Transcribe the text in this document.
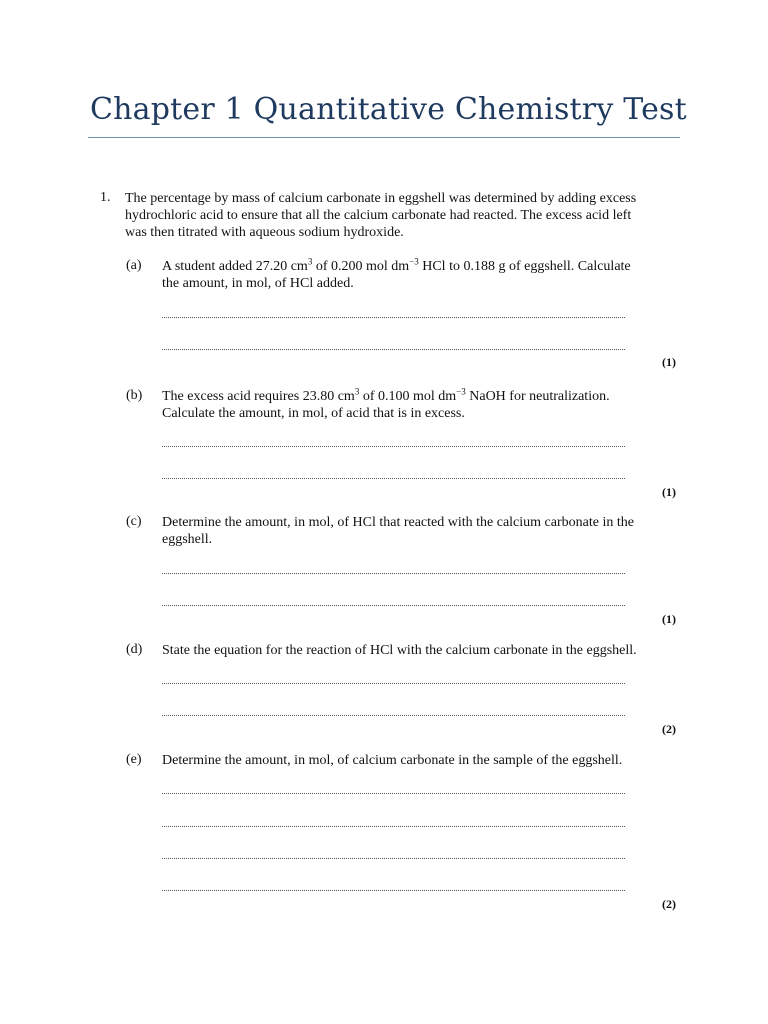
Chapter 1 Quantitative Chemistry Test
1. The percentage by mass of calcium carbonate in eggshell was determined by adding excess hydrochloric acid to ensure that all the calcium carbonate had reacted. The excess acid left was then titrated with aqueous sodium hydroxide.
(a) A student added 27.20 $cm^3$ of 0.200 mol $dm^{-3}$ HCl to 0.188 g of eggshell. Calculate the amount, in mol, of HCl added.
(1)
(b) The excess acid requires 23.80 $cm^3$ of 0.100 mol $dm^{-3}$ NaOH for neutralization. Calculate the amount, in mol, of acid that is in excess.
(1)
(c) Determine the amount, in mol, of HCl that reacted with the calcium carbonate in the eggshell.
(1)
(d) State the equation for the reaction of HCl with the calcium carbonate in the eggshell.
(2)
(e) Determine the amount, in mol, of calcium carbonate in the sample of the eggshell.
(2)
